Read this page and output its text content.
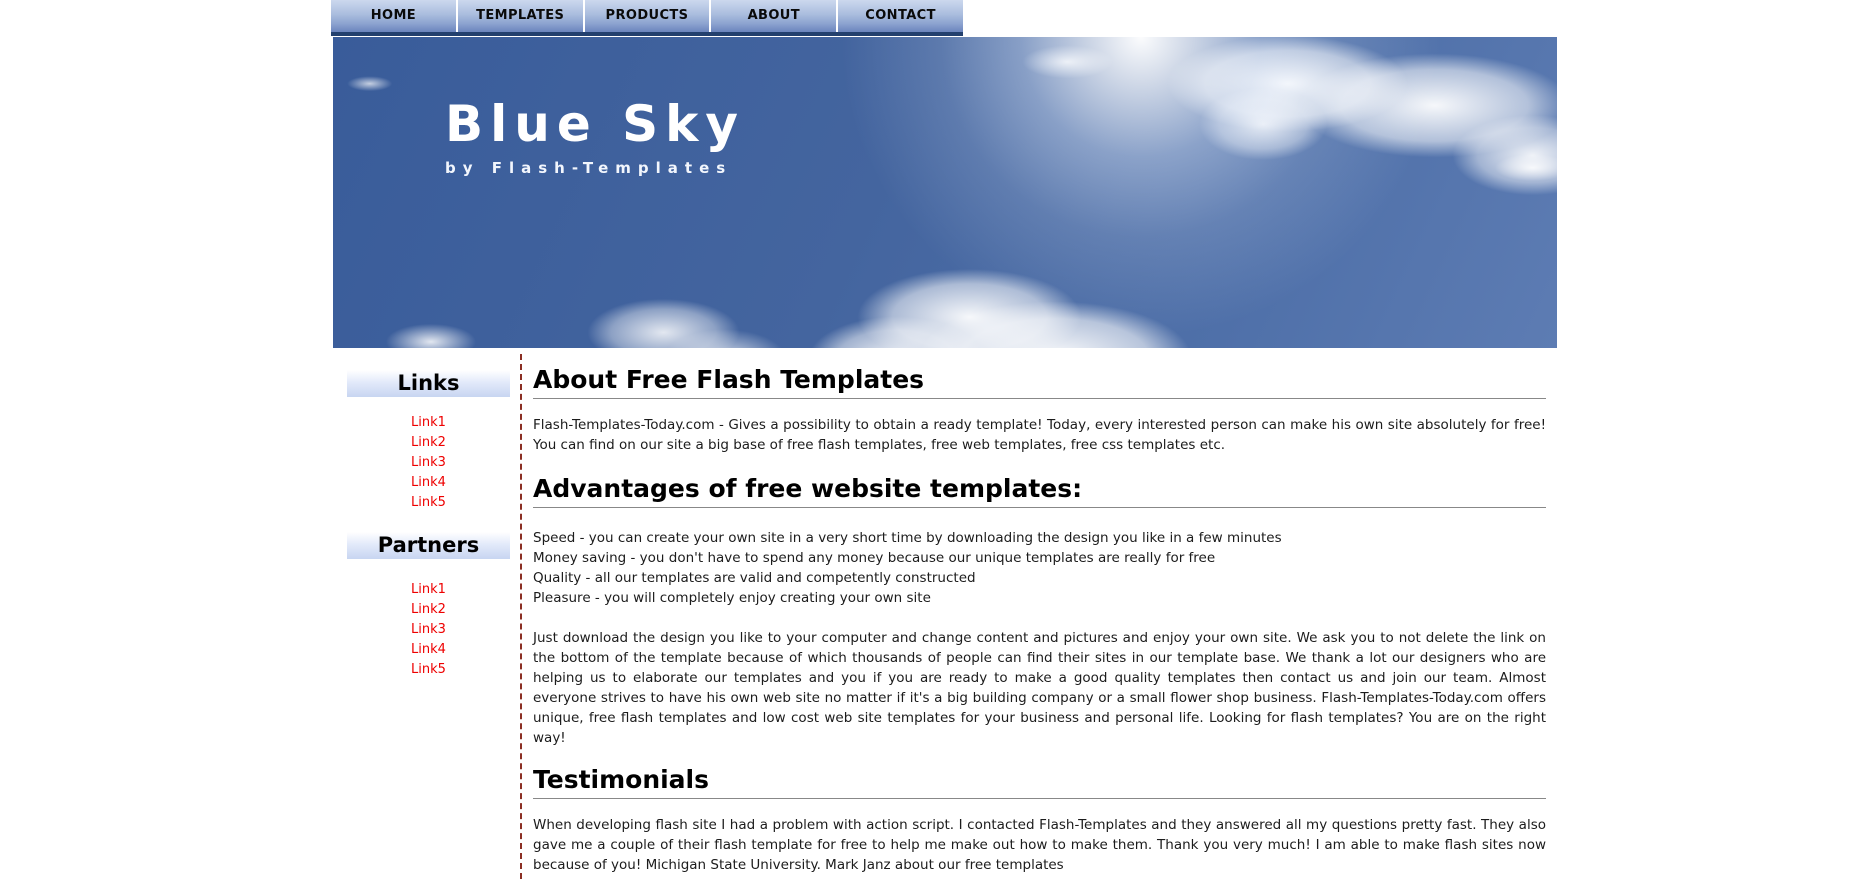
HOME	TEMPLATES	PRODUCTS	ABOUT	CONTACT
Blue Sky
by Flash-Templates
Links
Link1
Link2
Link3
Link4
Link5
Partners
Link1
Link2
Link3
Link4
Link5
About Free Flash Templates

Flash-Templates-Today.com - Gives a possibility to obtain a ready template! Today, every interested person can make his own site absolutely for free! You can find on our site a big base of free flash templates, free web templates, free css templates etc.

Advantages of free website templates:
Speed - you can create your own site in a very short time by downloading the design you like in a few minutes
Money saving - you don't have to spend any money because our unique templates are really for free
Quality - all our templates are valid and competently constructed
Pleasure - you will completely enjoy creating your own site

Just download the design you like to your computer and change content and pictures and enjoy your own site. We ask you to not delete the link on the bottom of the template because of which thousands of people can find their sites in our template base. We thank a lot our designers who are helping us to elaborate our templates and you if you are ready to make a good quality templates then contact us and join our team. Almost everyone strives to have his own web site no matter if it's a big building company or a small flower shop business. Flash-Templates-Today.com offers unique, free flash templates and low cost web site templates for your business and personal life. Looking for flash templates? You are on the right way!

Testimonials

When developing flash site I had a problem with action script. I contacted Flash-Templates and they answered all my questions pretty fast. They also gave me a couple of their flash template for free to help me make out how to make them. Thank you very much! I am able to make flash sites now because of you! Michigan State University. Mark Janz about our free templates
